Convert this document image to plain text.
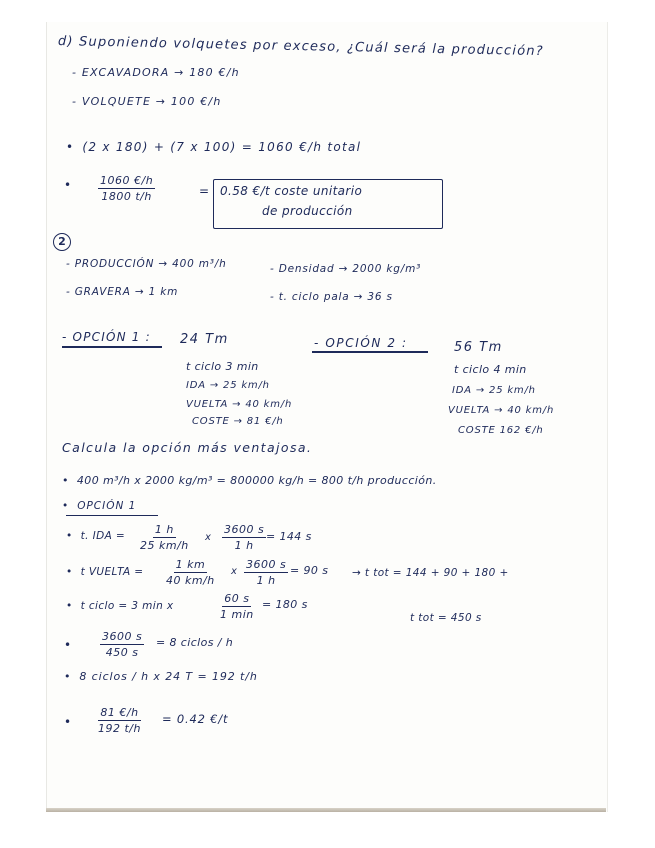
d) Suponiendo volquetes por exceso, ¿Cuál será la producción?
- EXCAVADORA → 180 €/h
- VOLQUETE → 100 €/h
• (2 x 180) + (7 x 100) = 1060 €/h total
• $\frac{1060 €/h}{1800 t/h}$	= 0.58 €/t coste unitario
de producción
2
- PRODUCCIÓN → 400 m³/h	- Densidad → 2000 kg/m³
- GRAVERA → 1 km	- t. ciclo pala → 36 s
- OPCIÓN 1 : 24 Tm
t ciclo 3 min
IDA → 25 km/h
VUELTA → 40 km/h
COSTE → 81 €/h
- OPCIÓN 2 :	56 Tm
t ciclo 4 min
IDA → 25 km/h
VUELTA → 40 km/h
COSTE 162 €/h
Calcula la opción más ventajosa.
• 400 m³/h x 2000 kg/m³ = 800000 kg/h = 800 t/h producción.
• OPCIÓN 1
• t. IDA = $\frac{1 h}{25 km/h}$ x $\frac{3600 s}{1 h} = 144$ s
• t VUELTA = $\frac{1 km}{40 km/h}$ x $\frac{3600 s}{1 h} = 90$ s → t tot = 144 + 90 + 180 +
• t ciclo = 3 min x
60 s
1 min
= 180 s
t tot = 450 s
•	$\frac{3600 s}{450 s} = 8$ ciclos / h
• 8 ciclos / h x 24 T = 192 t/h
• $\frac{81 €/h}{192 t/h} = 0.42$ €/t
